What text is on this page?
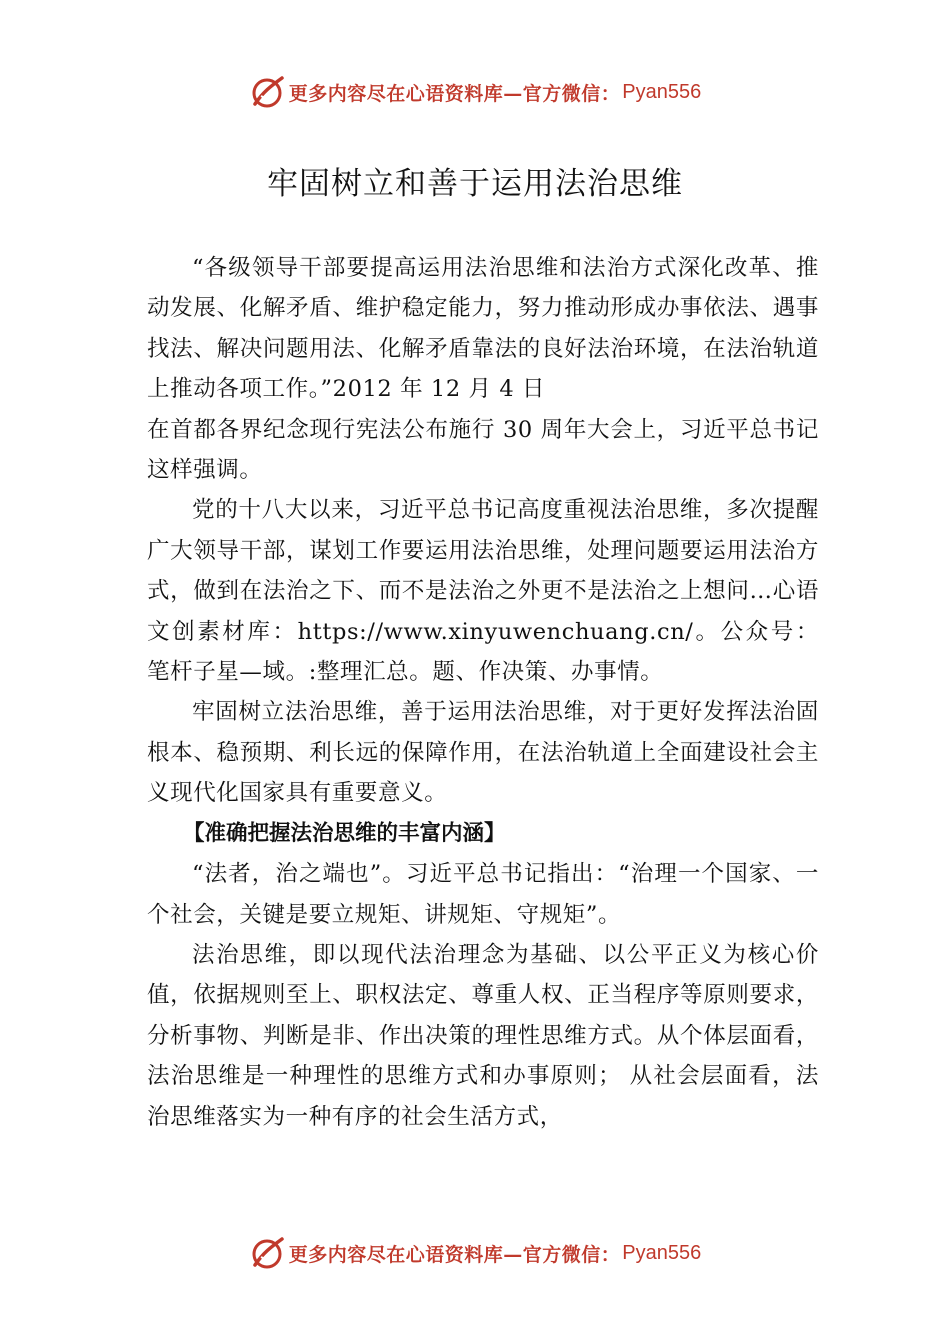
更多内容尽在心语资料库—官方微信： Pyan556
牢固树立和善于运用法治思维

“各级领导干部要提高运用法治思维和法治方式深化改革、推动发展、化解矛盾、维护稳定能力，努力推动形成办事依法、遇事找法、解决问题用法、化解矛盾靠法的良好法治环境，在法治轨道上推动各项工作。”2012 年 12 月 4 日

在首都各界纪念现行宪法公布施行 30 周年大会上，习近平总书记这样强调。

党的十八大以来，习近平总书记高度重视法治思维，多次提醒广大领导干部，谋划工作要运用法治思维，处理问题要运用法治方式，做到在法治之下、而不是法治之外更不是法治之上想问…心语文创素材库：https://www.xinyuwenchuang.cn/。公众号：笔杆子星—域。:整理汇总。题、作决策、办事情。

牢固树立法治思维，善于运用法治思维，对于更好发挥法治固根本、稳预期、利长远的保障作用，在法治轨道上全面建设社会主义现代化国家具有重要意义。

【准确把握法治思维的丰富内涵】

“法者，治之端也”。习近平总书记指出：“治理一个国家、一个社会，关键是要立规矩、讲规矩、守规矩”。

法治思维，即以现代法治理念为基础、以公平正义为核心价值，依据规则至上、职权法定、尊重人权、正当程序等原则要求，分析事物、判断是非、作出决策的理性思维方式。从个体层面看，法治思维是一种理性的思维方式和办事原则； 从社会层面看，法治思维落实为一种有序的社会生活方式，

更多内容尽在心语资料库—官方微信： Pyan556
